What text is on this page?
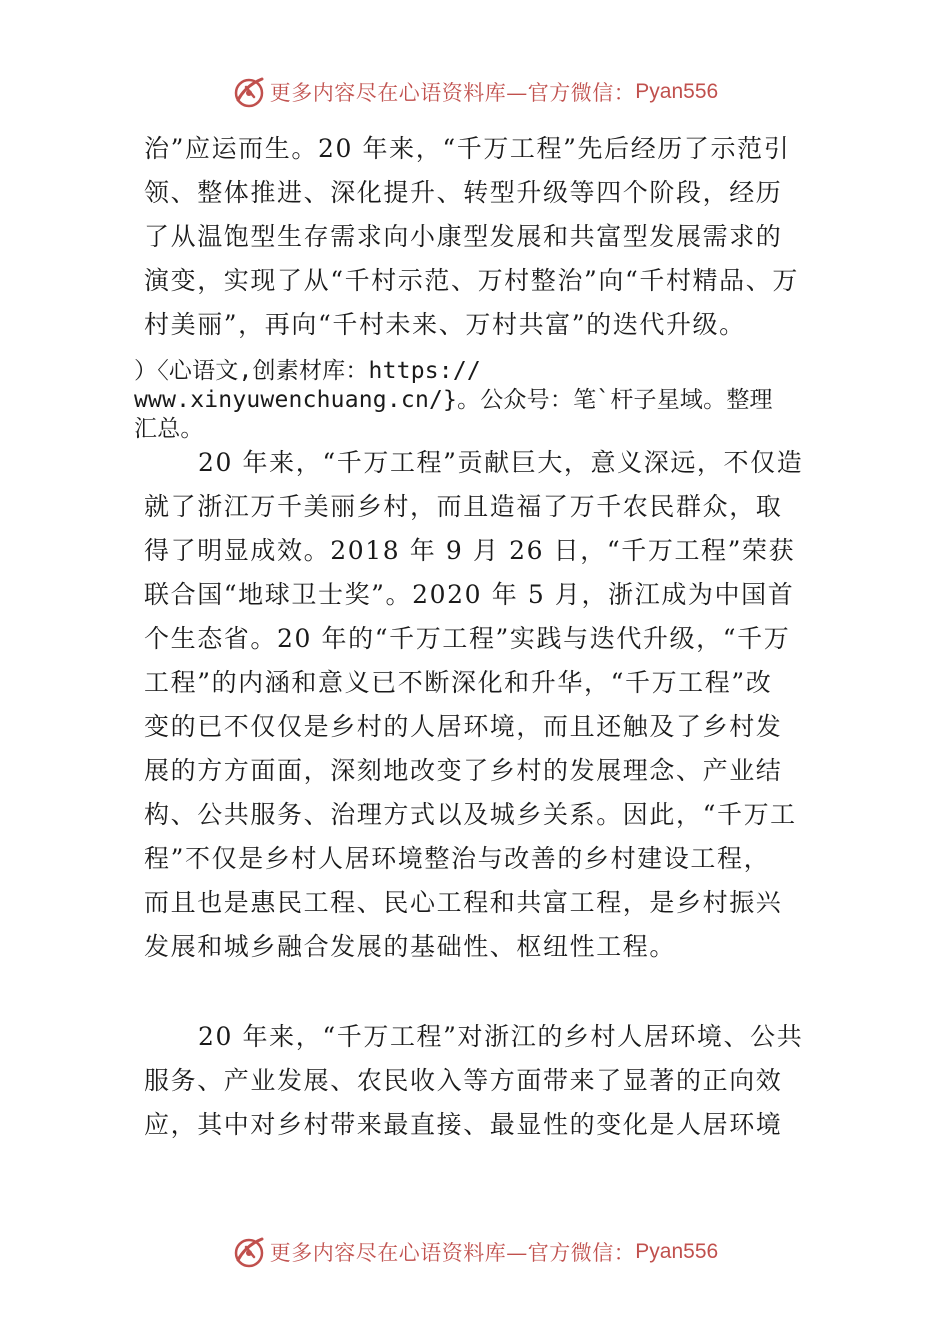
更多内容尽在心语资料库—官方微信： Pyan556
治”应运而生。20 年来，“千万工程”先后经历了示范引
领、整体推进、深化提升、转型升级等四个阶段，经历
了从温饱型生存需求向小康型发展和共富型发展需求的
演变，实现了从“千村示范、万村整治”向“千村精品、万
村美丽”，再向“千村未来、万村共富”的迭代升级。
）〈心语文,创素材库：https://
www.xinyuwenchuang.cn/}。公众号：笔`杆子星域。整理
汇总。
20 年来，“千万工程”贡献巨大，意义深远，不仅造
就了浙江万千美丽乡村，而且造福了万千农民群众，取
得了明显成效。2018 年 9 月 26 日，“千万工程”荣获
联合国“地球卫士奖”。2020 年 5 月，浙江成为中国首
个生态省。20 年的“千万工程”实践与迭代升级，“千万
工程”的内涵和意义已不断深化和升华，“千万工程”改
变的已不仅仅是乡村的人居环境，而且还触及了乡村发
展的方方面面，深刻地改变了乡村的发展理念、产业结
构、公共服务、治理方式以及城乡关系。因此，“千万工
程”不仅是乡村人居环境整治与改善的乡村建设工程，
而且也是惠民工程、民心工程和共富工程，是乡村振兴
发展和城乡融合发展的基础性、枢纽性工程。
20 年来，“千万工程”对浙江的乡村人居环境、公共
服务、产业发展、农民收入等方面带来了显著的正向效
应，其中对乡村带来最直接、最显性的变化是人居环境
更多内容尽在心语资料库—官方微信： Pyan556
